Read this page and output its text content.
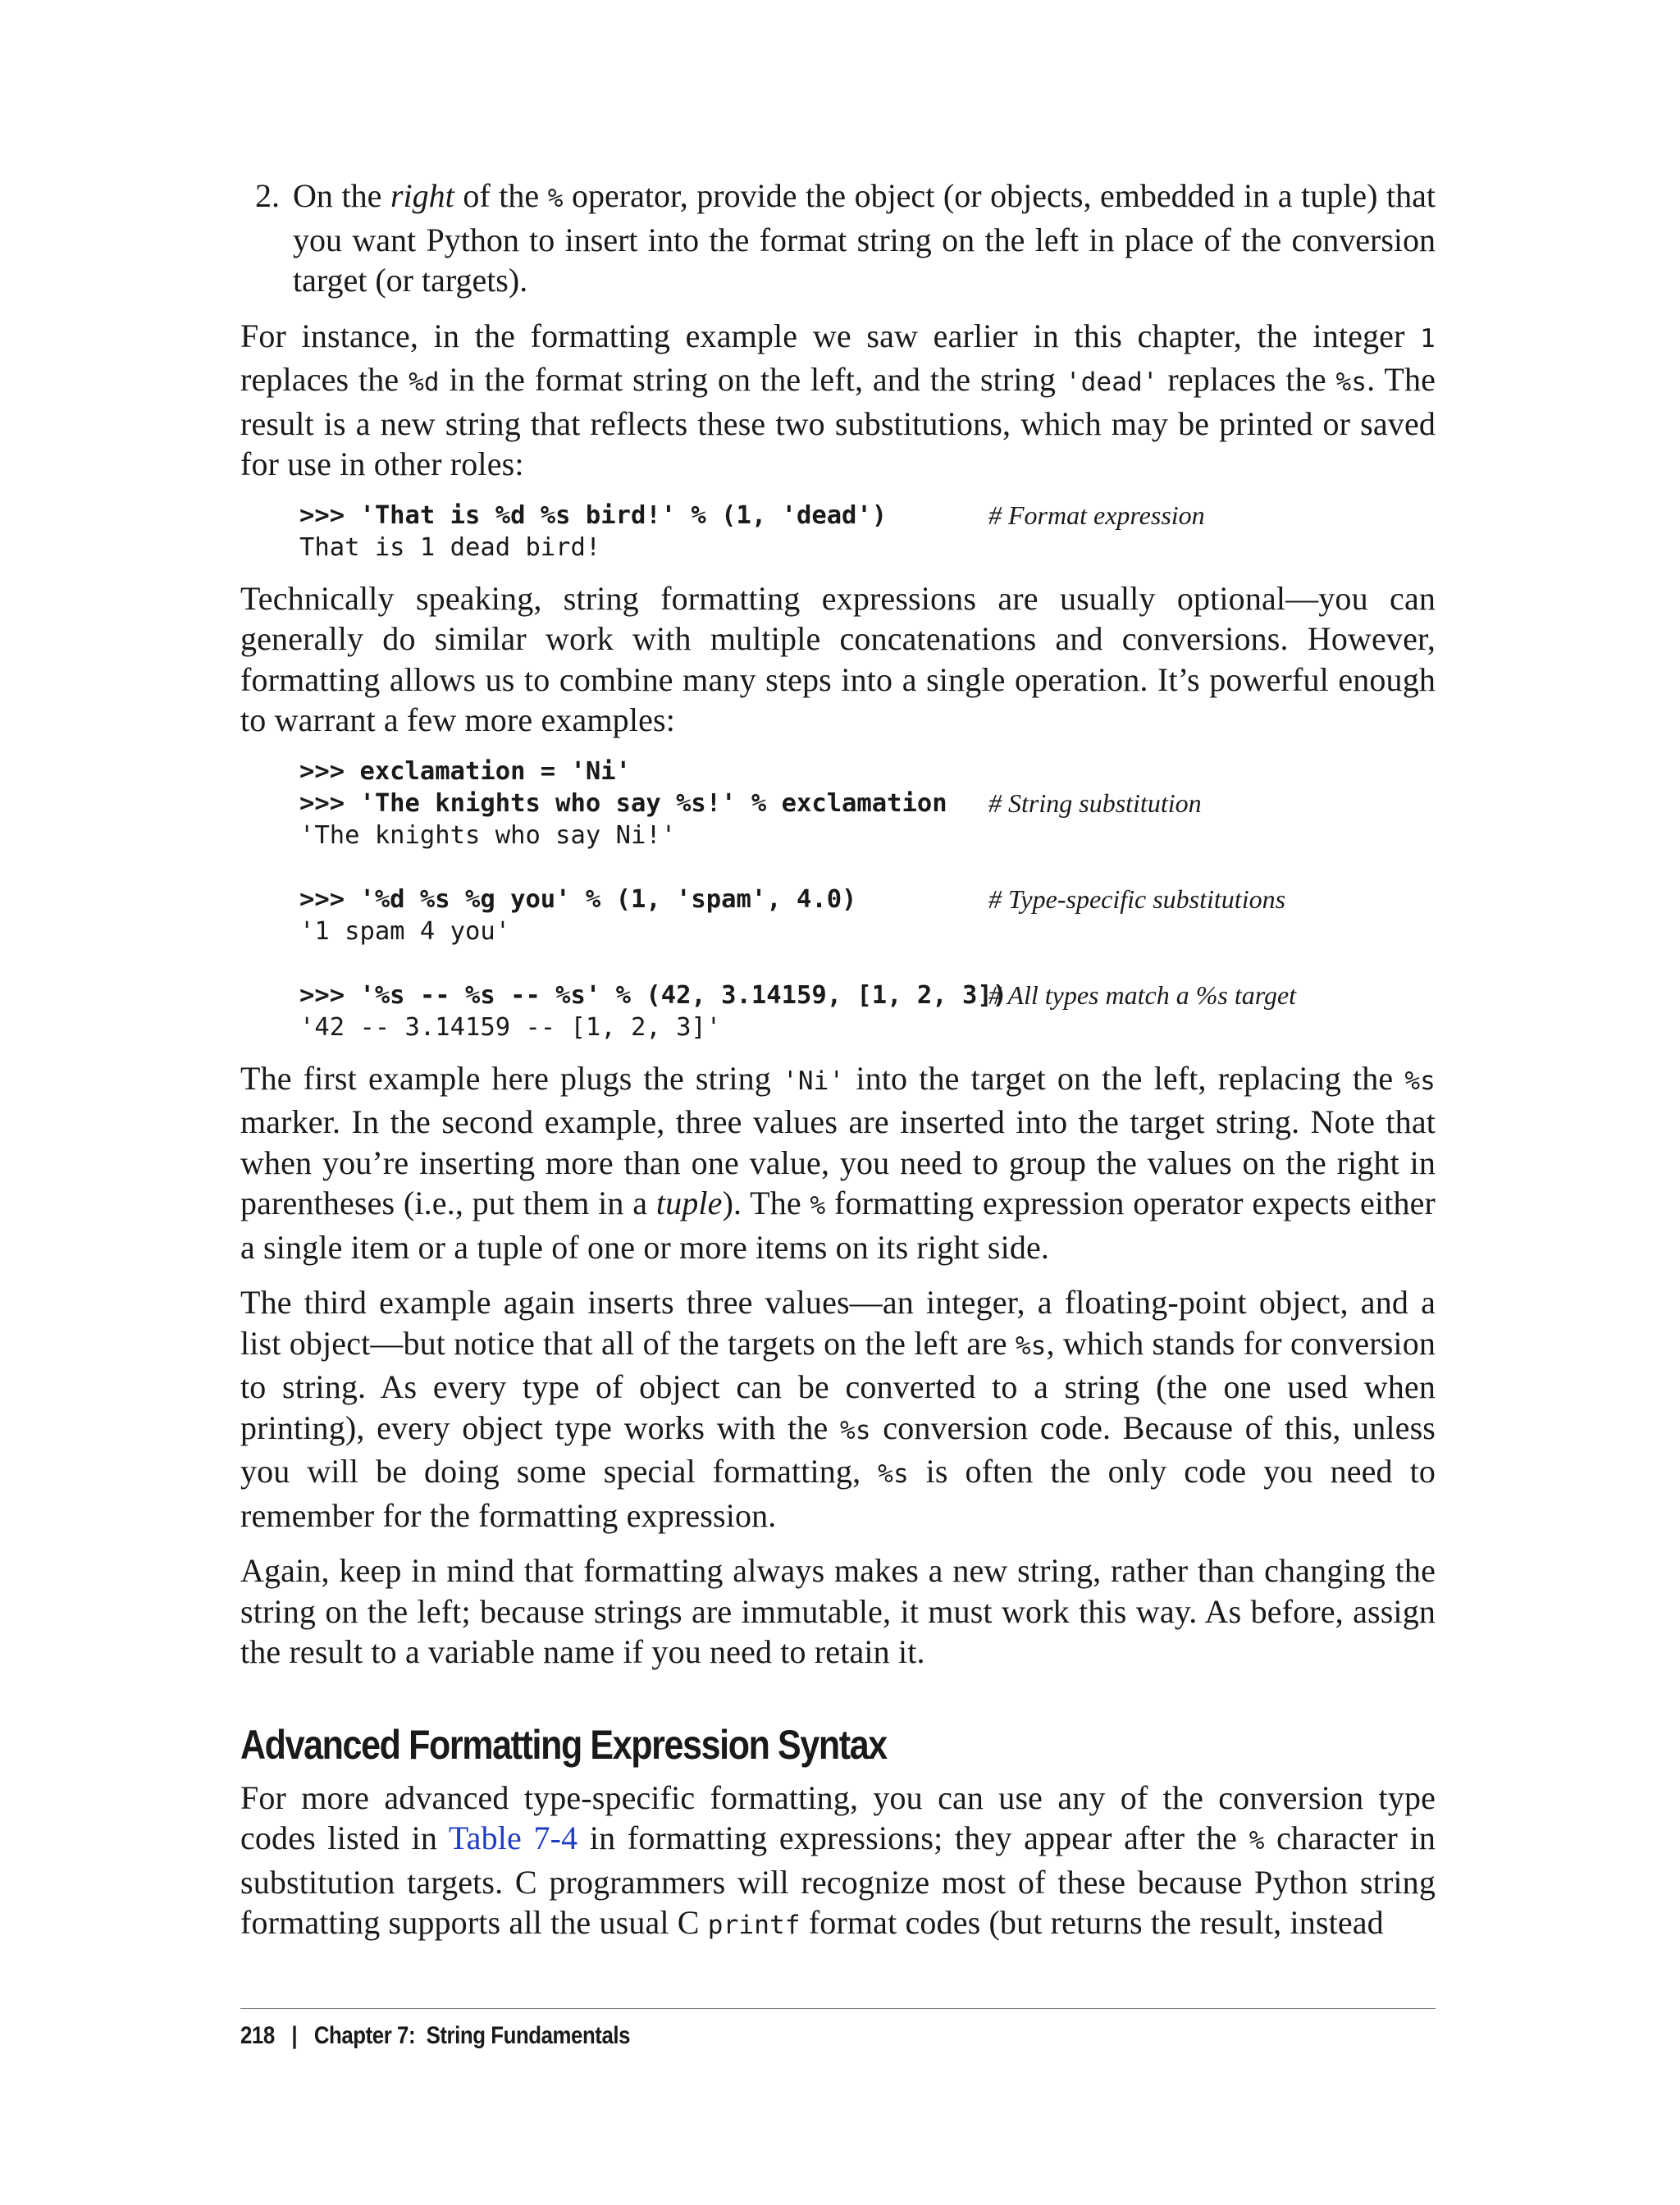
2. On the right of the % operator, provide the object (or objects, embedded in a tuple) that you want Python to insert into the format string on the left in place of the conversion target (or targets).

For instance, in the formatting example we saw earlier in this chapter, the integer 1 replaces the %d in the format string on the left, and the string 'dead' replaces the %s. The result is a new string that reflects these two substitutions, which may be printed or saved for use in other roles:

>>> 'That is %d %s bird!' % (1, 'dead')	# Format expression
That is 1 dead bird!

Technically speaking, string formatting expressions are usually optional—you can generally do similar work with multiple concatenations and conversions. However, formatting allows us to combine many steps into a single operation. It’s powerful enough to warrant a few more examples:

>>> exclamation = 'Ni'
>>> 'The knights who say %s!' % exclamation	# String substitution
'The knights who say Ni!'
>>> '%d %s %g you' % (1, 'spam', 4.0)	# Type-specific substitutions
'1 spam 4 you'
>>> '%s -- %s -- %s' % (42, 3.14159, [1, 2, 3])
# All types match a %s target
'42 -- 3.14159 -- [1, 2, 3]'

The first example here plugs the string 'Ni' into the target on the left, replacing the %s marker. In the second example, three values are inserted into the target string. Note that when you’re inserting more than one value, you need to group the values on the right in parentheses (i.e., put them in a tuple). The % formatting expression operator expects either a single item or a tuple of one or more items on its right side.

The third example again inserts three values—an integer, a floating-point object, and a list object—but notice that all of the targets on the left are %s, which stands for conversion to string. As every type of object can be converted to a string (the one used when printing), every object type works with the %s conversion code. Because of this, unless you will be doing some special formatting, %s is often the only code you need to remember for the formatting expression.

Again, keep in mind that formatting always makes a new string, rather than changing the string on the left; because strings are immutable, it must work this way. As before, assign the result to a variable name if you need to retain it.

Advanced Formatting Expression Syntax

For more advanced type-specific formatting, you can use any of the conversion type codes listed in Table 7-4 in formatting expressions; they appear after the % character in substitution targets. C programmers will recognize most of these because Python string formatting supports all the usual C printf format codes (but returns the result, instead

218 | Chapter 7:  String Fundamentals
